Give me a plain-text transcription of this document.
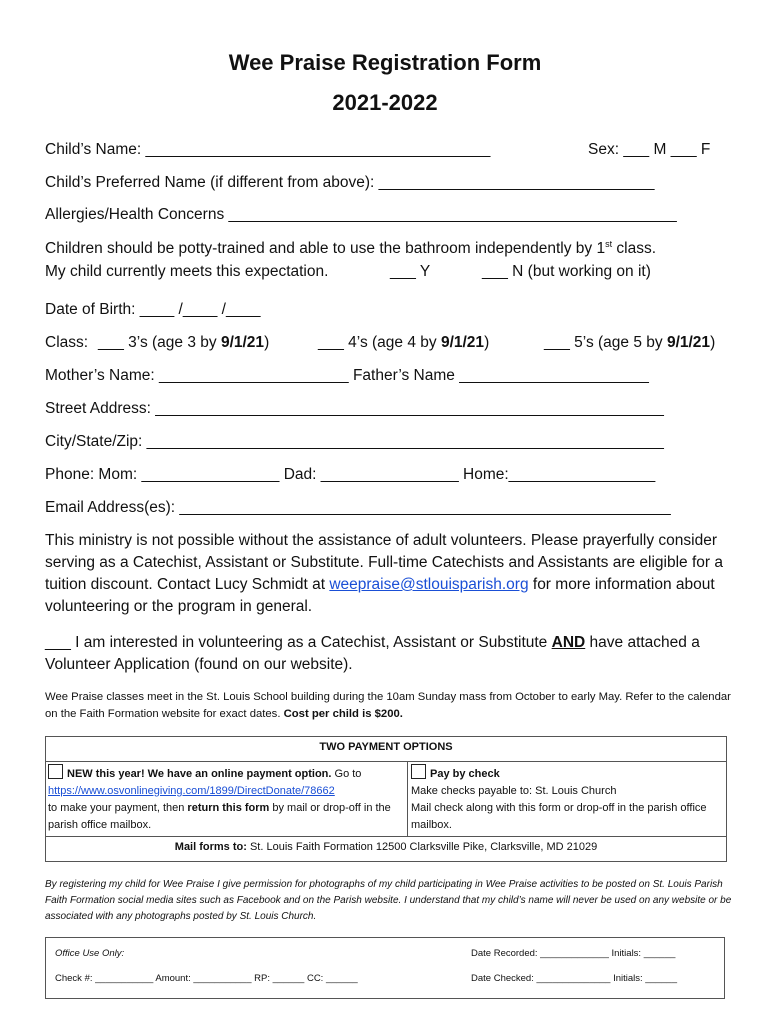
Wee Praise Registration Form
2021-2022
Child’s Name: ________________________________________	Sex: ___ M ___ F
Child’s Preferred Name (if different from above): ________________________________
Allergies/Health Concerns ____________________________________________________
Children should be potty-trained and able to use the bathroom independently by 1st class.
My child currently meets this expectation.	___ Y	___ N (but working on it)
Date of Birth: ____ /____ /____
Class: ___ 3’s (age 3 by 9/1/21)	___ 4’s (age 4 by 9/1/21)	___ 5’s (age 5 by 9/1/21)
Mother’s Name: ______________________ Father’s Name ______________________
Street Address: ___________________________________________________________
City/State/Zip: ____________________________________________________________
Phone: Mom: ________________ Dad: ________________ Home:_________________
Email Address(es): _________________________________________________________
This ministry is not possible without the assistance of adult volunteers. Please prayerfully consider serving as a Catechist, Assistant or Substitute. Full-time Catechists and Assistants are eligible for a tuition discount. Contact Lucy Schmidt at weepraise@stlouisparish.org for more information about volunteering or the program in general.
___ I am interested in volunteering as a Catechist, Assistant or Substitute AND have attached a Volunteer Application (found on our website).
Wee Praise classes meet in the St. Louis School building during the 10am Sunday mass from October to early May. Refer to the calendar on the Faith Formation website for exact dates. Cost per child is $200.
TWO PAYMENT OPTIONS
NEW this year! We have an online payment option. Go to
https://www.osvonlinegiving.com/1899/DirectDonate/78662
to make your payment, then return this form by mail or drop-off in the parish office mailbox.
Pay by check
Make checks payable to: St. Louis Church
Mail check along with this form or drop-off in the parish office mailbox.
Mail forms to: St. Louis Faith Formation 12500 Clarksville Pike, Clarksville, MD 21029
By registering my child for Wee Praise I give permission for photographs of my child participating in Wee Praise activities to be posted on St. Louis Parish Faith Formation social media sites such as Facebook and on the Parish website. I understand that my child’s name will never be used on any website or be associated with any photographs posted by St. Louis Church.
Office Use Only:	Date Recorded: _____________ Initials: ______
Check #: ___________ Amount: ___________ RP: ______ CC: ______	Date Checked: ______________ Initials: ______
